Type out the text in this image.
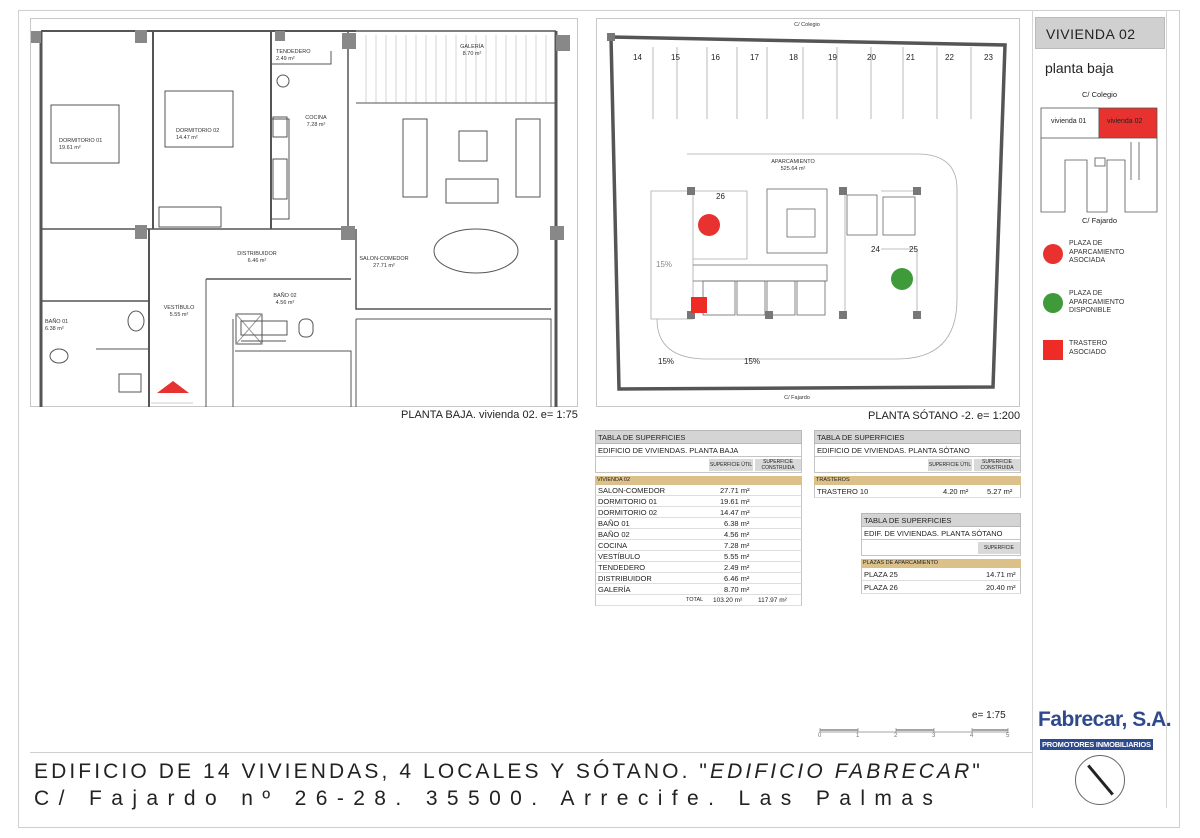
TENDEDERO
2.49 m²
GALERÍA
8.70 m²
COCINA
7.28 m²
DORMITORIO 01
19.61 m²
DORMITORIO 02
14.47 m²
DISTRIBUIDOR
6.46 m²	SALON-COMEDOR
27.71 m²
VESTÍBULO
5.55 m²
BAÑO 02
4.56 m²
BAÑO 01
6.38 m²
PLANTA BAJA. vivienda 02. e= 1:75
C/ Colegio
14	15	16	17	18	19	20	21	22	23
APARCAMIENTO
525.64 m²
26
24	25
15%
15%	15%
C/ Fajardo
PLANTA SÓTANO -2. e= 1:200
TABLA DE SUPERFICIES
EDIFICIO DE VIVIENDAS. PLANTA BAJA
SUPERFICIE ÚTIL	SUPERFICIE CONSTRUIDA
VIVIENDA 02
SALON-COMEDOR	27.71 m²
DORMITORIO 01	19.61 m²
DORMITORIO 02	14.47 m²
BAÑO 01	6.38 m²
BAÑO 02	4.56 m²
COCINA	7.28 m²
VESTÍBULO	5.55 m²
TENDEDERO	2.49 m²
DISTRIBUIDOR	6.46 m²
GALERÍA	8.70 m²
TOTAL 103.20 m² 117.97 m²
TABLA DE SUPERFICIES
EDIFICIO DE VIVIENDAS. PLANTA SÓTANO
SUPERFICIE ÚTIL	SUPERFICIE CONSTRUIDA
TRASTEROS
TRASTERO 10	4.20 m² 5.27 m²
TABLA DE SUPERFICIES
EDIF. DE VIVIENDAS. PLANTA SÓTANO
SUPERFICIE
PLAZAS DE APARCAMIENTO
PLAZA 25	14.71 m²
PLAZA 26	20.40 m²
VIVIENDA 02
planta baja
C/ Colegio
vivienda 01	vivienda 02
C/ Fajardo
PLAZA DE
APARCAMIENTO
ASOCIADA
PLAZA DE
APARCAMIENTO
DISPONIBLE
TRASTERO
ASOCIADO
e= 1:75
0	1	2	3	4	5
Fabrecar, S.A.
PROMOTORES INMOBILIARIOS
EDIFICIO DE 14 VIVIENDAS, 4 LOCALES Y SÓTANO. "EDIFICIO FABRECAR"
C/ Fajardo nº 26-28. 35500. Arrecife. Las Palmas
